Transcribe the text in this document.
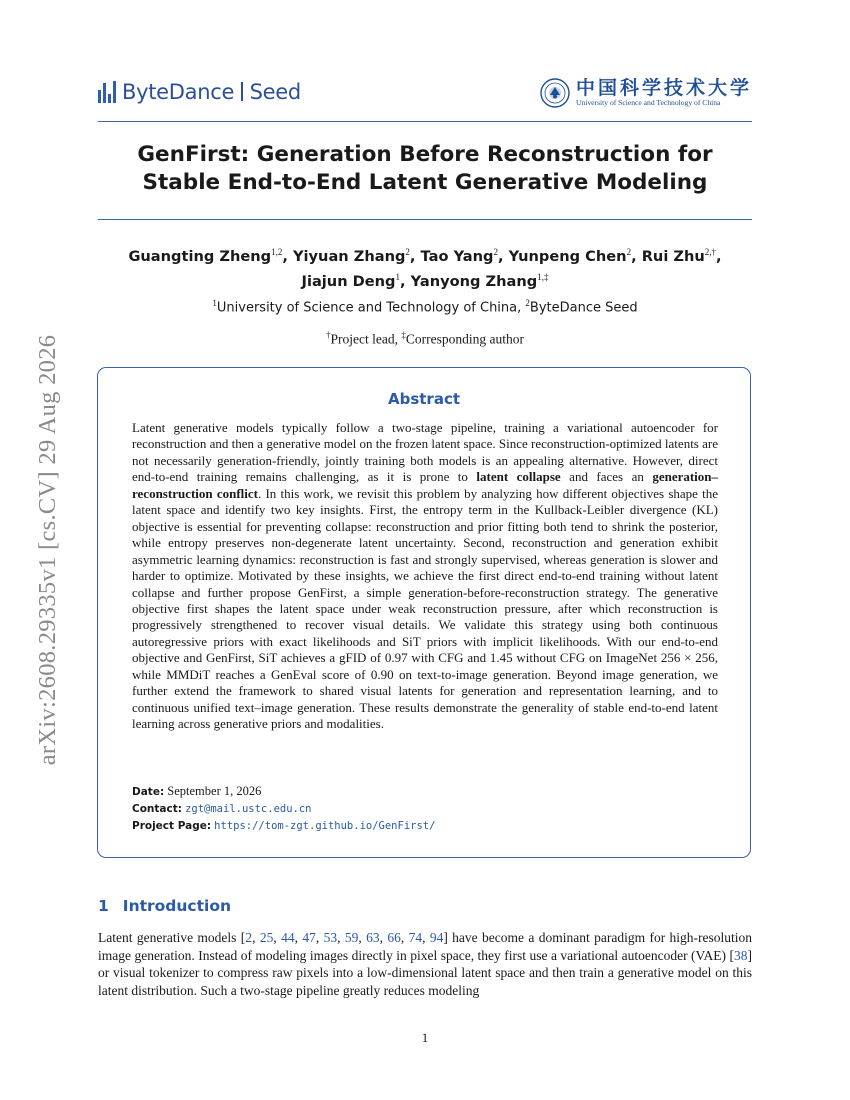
ByteDance Seed	中国科学技术大学
University of Science and Technology of China
arXiv:2608.29335v1 [cs.CV] 29 Aug 2026
GenFirst: Generation Before Reconstruction for
Stable End-to-End Latent Generative Modeling
Guangting Zheng$^{1,2}$, Yiyuan Zhang$^2$, Tao Yang$^2$, Yunpeng Chen$^2$, Rui Zhu$^{2,\dagger}$,
Jiajun Deng$^1$, Yanyong Zhang$^{1,\ddagger}$
$^1$University of Science and Technology of China, $^2$ByteDance Seed
†Project lead, ‡Corresponding author
Abstract
Latent generative models typically follow a two-stage pipeline, training a variational autoencoder for reconstruction and then a generative model on the frozen latent space. Since reconstruction-optimized latents are not necessarily generation-friendly, jointly training both models is an appealing alternative. However, direct end-to-end training remains challenging, as it is prone to latent collapse and faces an generation–reconstruction conflict. In this work, we revisit this problem by analyzing how different objectives shape the latent space and identify two key insights. First, the entropy term in the Kullback-Leibler divergence (KL) objective is essential for preventing collapse: reconstruction and prior fitting both tend to shrink the posterior, while entropy preserves non-degenerate latent uncertainty. Second, reconstruction and generation exhibit asymmetric learning dynamics: reconstruction is fast and strongly supervised, whereas generation is slower and harder to optimize. Motivated by these insights, we achieve the first direct end-to-end training without latent collapse and further propose GenFirst, a simple generation-before-reconstruction strategy. The generative objective first shapes the latent space under weak reconstruction pressure, after which reconstruction is progressively strengthened to recover visual details. We validate this strategy using both continuous autoregressive priors with exact likelihoods and SiT priors with implicit likelihoods. With our end-to-end objective and GenFirst, SiT achieves a gFID of 0.97 with CFG and 1.45 without CFG on ImageNet 256 × 256, while MMDiT reaches a GenEval score of 0.90 on text-to-image generation. Beyond image generation, we further extend the framework to shared visual latents for generation and representation learning, and to continuous unified text–image generation. These results demonstrate the generality of stable end-to-end latent learning across generative priors and modalities.
Date: September 1, 2026
Contact: zgt@mail.ustc.edu.cn
Project Page: https://tom-zgt.github.io/GenFirst/
1 Introduction
Latent generative models [2, 25, 44, 47, 53, 59, 63, 66, 74, 94] have become a dominant paradigm for high-resolution image generation. Instead of modeling images directly in pixel space, they first use a variational autoencoder (VAE) [38] or visual tokenizer to compress raw pixels into a low-dimensional latent space and then train a generative model on this latent distribution. Such a two-stage pipeline greatly reduces modeling
1
